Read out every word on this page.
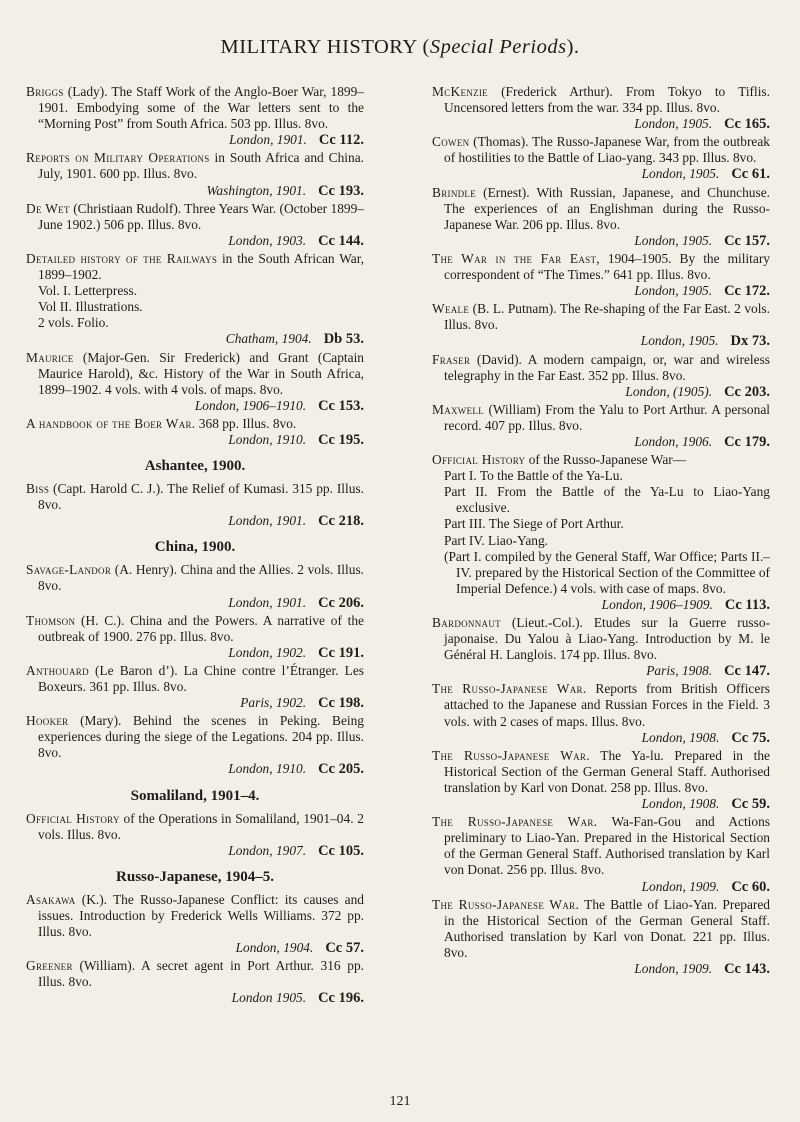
MILITARY HISTORY (Special Periods).
Briggs (Lady). The Staff Work of the Anglo-Boer War, 1899–1901. Embodying some of the War letters sent to the “Morning Post” from South Africa. 503 pp. Illus. 8vo.
London, 1901. Cc 112.
Reports on Military Operations in South Africa and China. July, 1901. 600 pp. Illus. 8vo.
Washington, 1901. Cc 193.
De Wet (Christiaan Rudolf). Three Years War. (October 1899–June 1902.) 506 pp. Illus. 8vo.
London, 1903. Cc 144.
Detailed history of the Railways in the South African War, 1899–1902.
Vol. I. Letterpress.
Vol II. Illustrations.
2 vols. Folio.
Chatham, 1904. Db 53.
Maurice (Major-Gen. Sir Frederick) and Grant (Captain Maurice Harold), &c. History of the War in South Africa, 1899–1902. 4 vols. with 4 vols. of maps. 8vo.
London, 1906–1910. Cc 153.
A handbook of the Boer War. 368 pp. Illus. 8vo.
London, 1910. Cc 195.
Ashantee, 1900.
Biss (Capt. Harold C. J.). The Relief of Kumasi. 315 pp. Illus. 8vo.
London, 1901. Cc 218.
China, 1900.
Savage-Landor (A. Henry). China and the Allies. 2 vols. Illus. 8vo.
London, 1901. Cc 206.
Thomson (H. C.). China and the Powers. A narrative of the outbreak of 1900. 276 pp. Illus. 8vo.
London, 1902. Cc 191.
Anthouard (Le Baron d’). La Chine contre l’Étranger. Les Boxeurs. 361 pp. Illus. 8vo.
Paris, 1902. Cc 198.
Hooker (Mary). Behind the scenes in Peking. Being experiences during the siege of the Legations. 204 pp. Illus. 8vo.
London, 1910. Cc 205.
Somaliland, 1901–4.
Official History of the Operations in Somaliland, 1901–04. 2 vols. Illus. 8vo.
London, 1907. Cc 105.
Russo-Japanese, 1904–5.
Asakawa (K.). The Russo-Japanese Conflict: its causes and issues. Introduction by Frederick Wells Williams. 372 pp. Illus. 8vo.
London, 1904. Cc 57.
Greener (William). A secret agent in Port Arthur. 316 pp. Illus. 8vo.
London 1905. Cc 196.
McKenzie (Frederick Arthur). From Tokyo to Tiflis. Uncensored letters from the war. 334 pp. Illus. 8vo.
London, 1905. Cc 165.
Cowen (Thomas). The Russo-Japanese War, from the outbreak of hostilities to the Battle of Liao-yang. 343 pp. Illus. 8vo.
London, 1905. Cc 61.
Brindle (Ernest). With Russian, Japanese, and Chunchuse. The experiences of an Englishman during the Russo-Japanese War. 206 pp. Illus. 8vo.
London, 1905. Cc 157.
The War in the Far East, 1904–1905. By the military correspondent of “The Times.” 641 pp. Illus. 8vo.
London, 1905. Cc 172.
Weale (B. L. Putnam). The Re-shaping of the Far East. 2 vols. Illus. 8vo.
London, 1905. Dx 73.
Fraser (David). A modern campaign, or, war and wireless telegraphy in the Far East. 352 pp. Illus. 8vo.
London, (1905). Cc 203.
Maxwell (William) From the Yalu to Port Arthur. A personal record. 407 pp. Illus. 8vo.
London, 1906. Cc 179.
Official History of the Russo-Japanese War—
Part I. To the Battle of the Ya-Lu.
Part II. From the Battle of the Ya-Lu to Liao-Yang exclusive.
Part III. The Siege of Port Arthur.
Part IV. Liao-Yang.
(Part I. compiled by the General Staff, War Office; Parts II.–IV. prepared by the Historical Section of the Committee of Imperial Defence.) 4 vols. with case of maps. 8vo.
London, 1906–1909. Cc 113.
Bardonnaut (Lieut.-Col.). Etudes sur la Guerre russo-japonaise. Du Yalou à Liao-Yang. Introduction by M. le Général H. Langlois. 174 pp. Illus. 8vo.
Paris, 1908. Cc 147.
The Russo-Japanese War. Reports from British Officers attached to the Japanese and Russian Forces in the Field. 3 vols. with 2 cases of maps. Illus. 8vo.
London, 1908. Cc 75.
The Russo-Japanese War. The Ya-lu. Prepared in the Historical Section of the German General Staff. Authorised translation by Karl von Donat. 258 pp. Illus. 8vo.
London, 1908. Cc 59.
The Russo-Japanese War. Wa-Fan-Gou and Actions preliminary to Liao-Yan. Prepared in the Historical Section of the German General Staff. Authorised translation by Karl von Donat. 256 pp. Illus. 8vo.
London, 1909. Cc 60.
The Russo-Japanese War. The Battle of Liao-Yan. Prepared in the Historical Section of the German General Staff. Authorised translation by Karl von Donat. 221 pp. Illus. 8vo.
London, 1909. Cc 143.
121
